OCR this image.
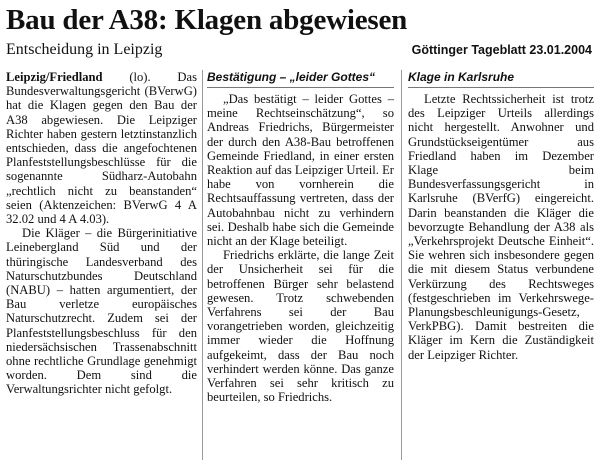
Bau der A38: Klagen abgewiesen
Entscheidung in Leipzig	Göttinger Tageblatt 23.01.2004

Leipzig/Friedland (lo). Das Bundesverwaltungsgericht (BVerwG) hat die Klagen gegen den Bau der A38 abgewiesen. Die Leipziger Richter haben gestern letztinstanzlich entschieden, dass die angefochtenen Planfeststellungsbeschlüsse für die sogenannte Südharz-Autobahn „rechtlich nicht zu beanstanden“ seien (Aktenzeichen: BVerwG 4 A 32.02 und 4 A 4.03).

Die Kläger – die Bürgerinitiative Leinebergland Süd und der thüringische Landesverband des Naturschutzbundes Deutschland (NABU) – hatten argumentiert, der Bau verletze europäisches Naturschutzrecht. Zudem sei der Planfeststellungsbeschluss für den niedersächsischen Trassenabschnitt ohne rechtliche Grundlage genehmigt worden. Dem sind die Verwaltungsrichter nicht gefolgt.

Bestätigung – „leider Gottes“

„Das bestätigt – leider Gottes – meine Rechtseinschätzung“, so Andreas Friedrichs, Bürgermeister der durch den A38-Bau betroffenen Gemeinde Friedland, in einer ersten Reaktion auf das Leipziger Urteil. Er habe von vornherein die Rechtsauffassung vertreten, dass der Autobahnbau nicht zu verhindern sei. Deshalb habe sich die Gemeinde nicht an der Klage beteiligt.

Friedrichs erklärte, die lange Zeit der Unsicherheit sei für die betroffenen Bürger sehr belastend gewesen. Trotz schwebenden Verfahrens sei der Bau vorangetrieben worden, gleichzeitig immer wieder die Hoffnung aufgekeimt, dass der Bau noch verhindert werden könne. Das ganze Verfahren sei sehr kritisch zu beurteilen, so Friedrichs.

Klage in Karlsruhe

Letzte Rechtssicherheit ist trotz des Leipziger Urteils allerdings nicht hergestellt. Anwohner und Grundstückseigentümer aus Friedland haben im Dezember Klage beim Bundesverfassungsgericht in Karlsruhe (BVerfG) eingereicht. Darin beanstanden die Kläger die bevorzugte Behandlung der A38 als „Verkehrsprojekt Deutsche Einheit“. Sie wehren sich insbesondere gegen die mit diesem Status verbundene Verkürzung des Rechtsweges (festgeschrieben im Verkehrswege-Planungsbeschleunigungs-Gesetz, VerkPBG). Damit bestreiten die Kläger im Kern die Zuständigkeit der Leipziger Richter.
